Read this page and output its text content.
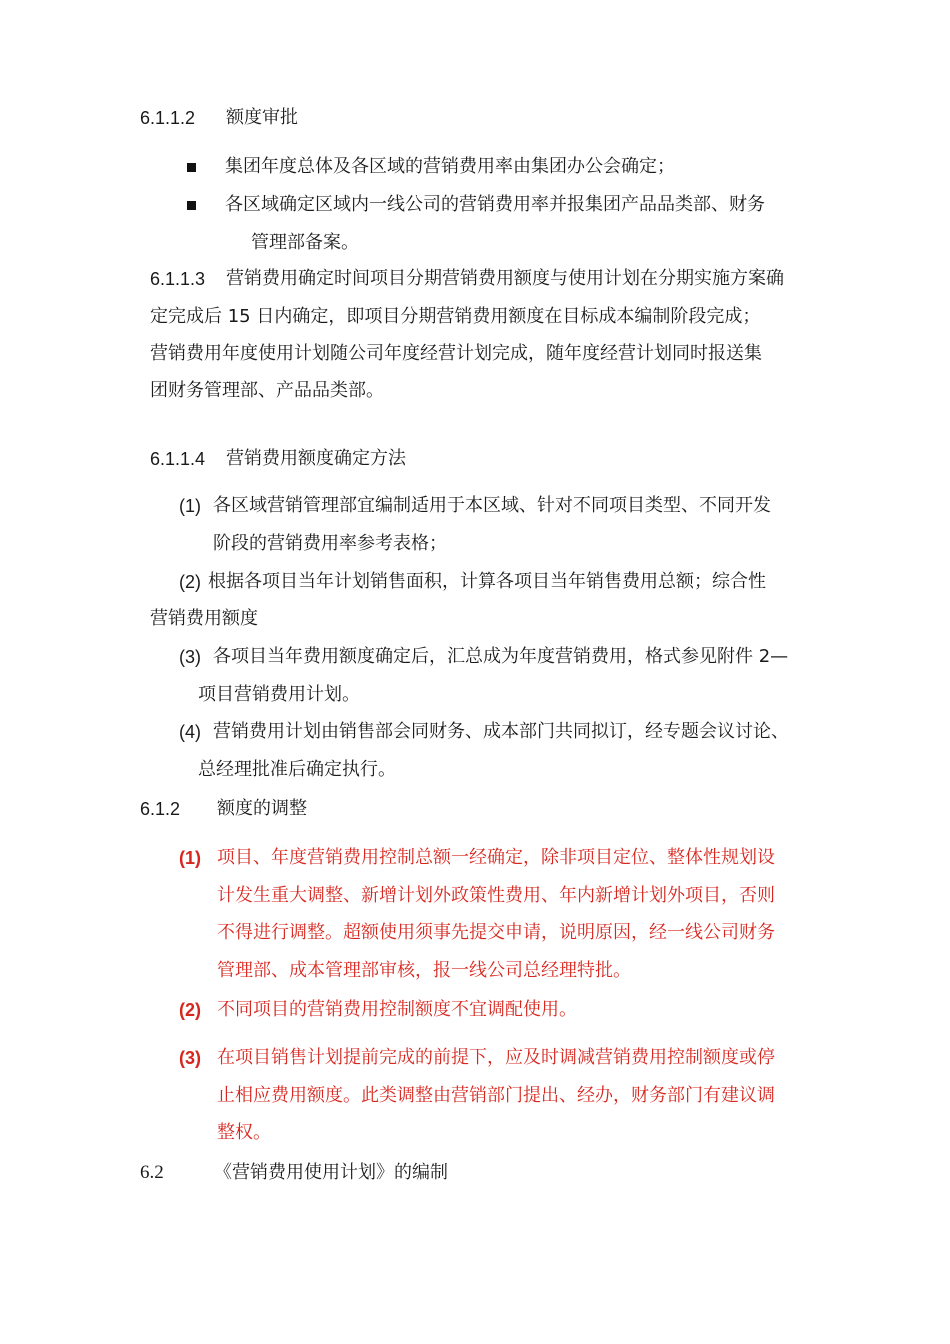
6.1.1.2 额度审批
集团年度总体及各区域的营销费用率由集团办公会确定；
各区域确定区域内一线公司的营销费用率并报集团产品品类部、财务
管理部备案。
6.1.1.3 营销费用确定时间项目分期营销费用额度与使用计划在分期实施方案确
定完成后 15 日内确定，即项目分期营销费用额度在目标成本编制阶段完成；
营销费用年度使用计划随公司年度经营计划完成，随年度经营计划同时报送集
团财务管理部、产品品类部。
6.1.1.4 营销费用额度确定方法
(1) 各区域营销管理部宜编制适用于本区域、针对不同项目类型、不同开发
阶段的营销费用率参考表格；
(2) 根据各项目当年计划销售面积，计算各项目当年销售费用总额；综合性
营销费用额度
(3) 各项目当年费用额度确定后，汇总成为年度营销费用，格式参见附件 2—
项目营销费用计划。
(4) 营销费用计划由销售部会同财务、成本部门共同拟订，经专题会议讨论、
总经理批准后确定执行。
6.1.2 额度的调整
(1) 项目、年度营销费用控制总额一经确定，除非项目定位、整体性规划设
计发生重大调整、新增计划外政策性费用、年内新增计划外项目，否则
不得进行调整。超额使用须事先提交申请，说明原因，经一线公司财务
管理部、成本管理部审核，报一线公司总经理特批。
(2) 不同项目的营销费用控制额度不宜调配使用。
(3) 在项目销售计划提前完成的前提下，应及时调减营销费用控制额度或停
止相应费用额度。此类调整由营销部门提出、经办，财务部门有建议调
整权。
6.2	《营销费用使用计划》的编制
